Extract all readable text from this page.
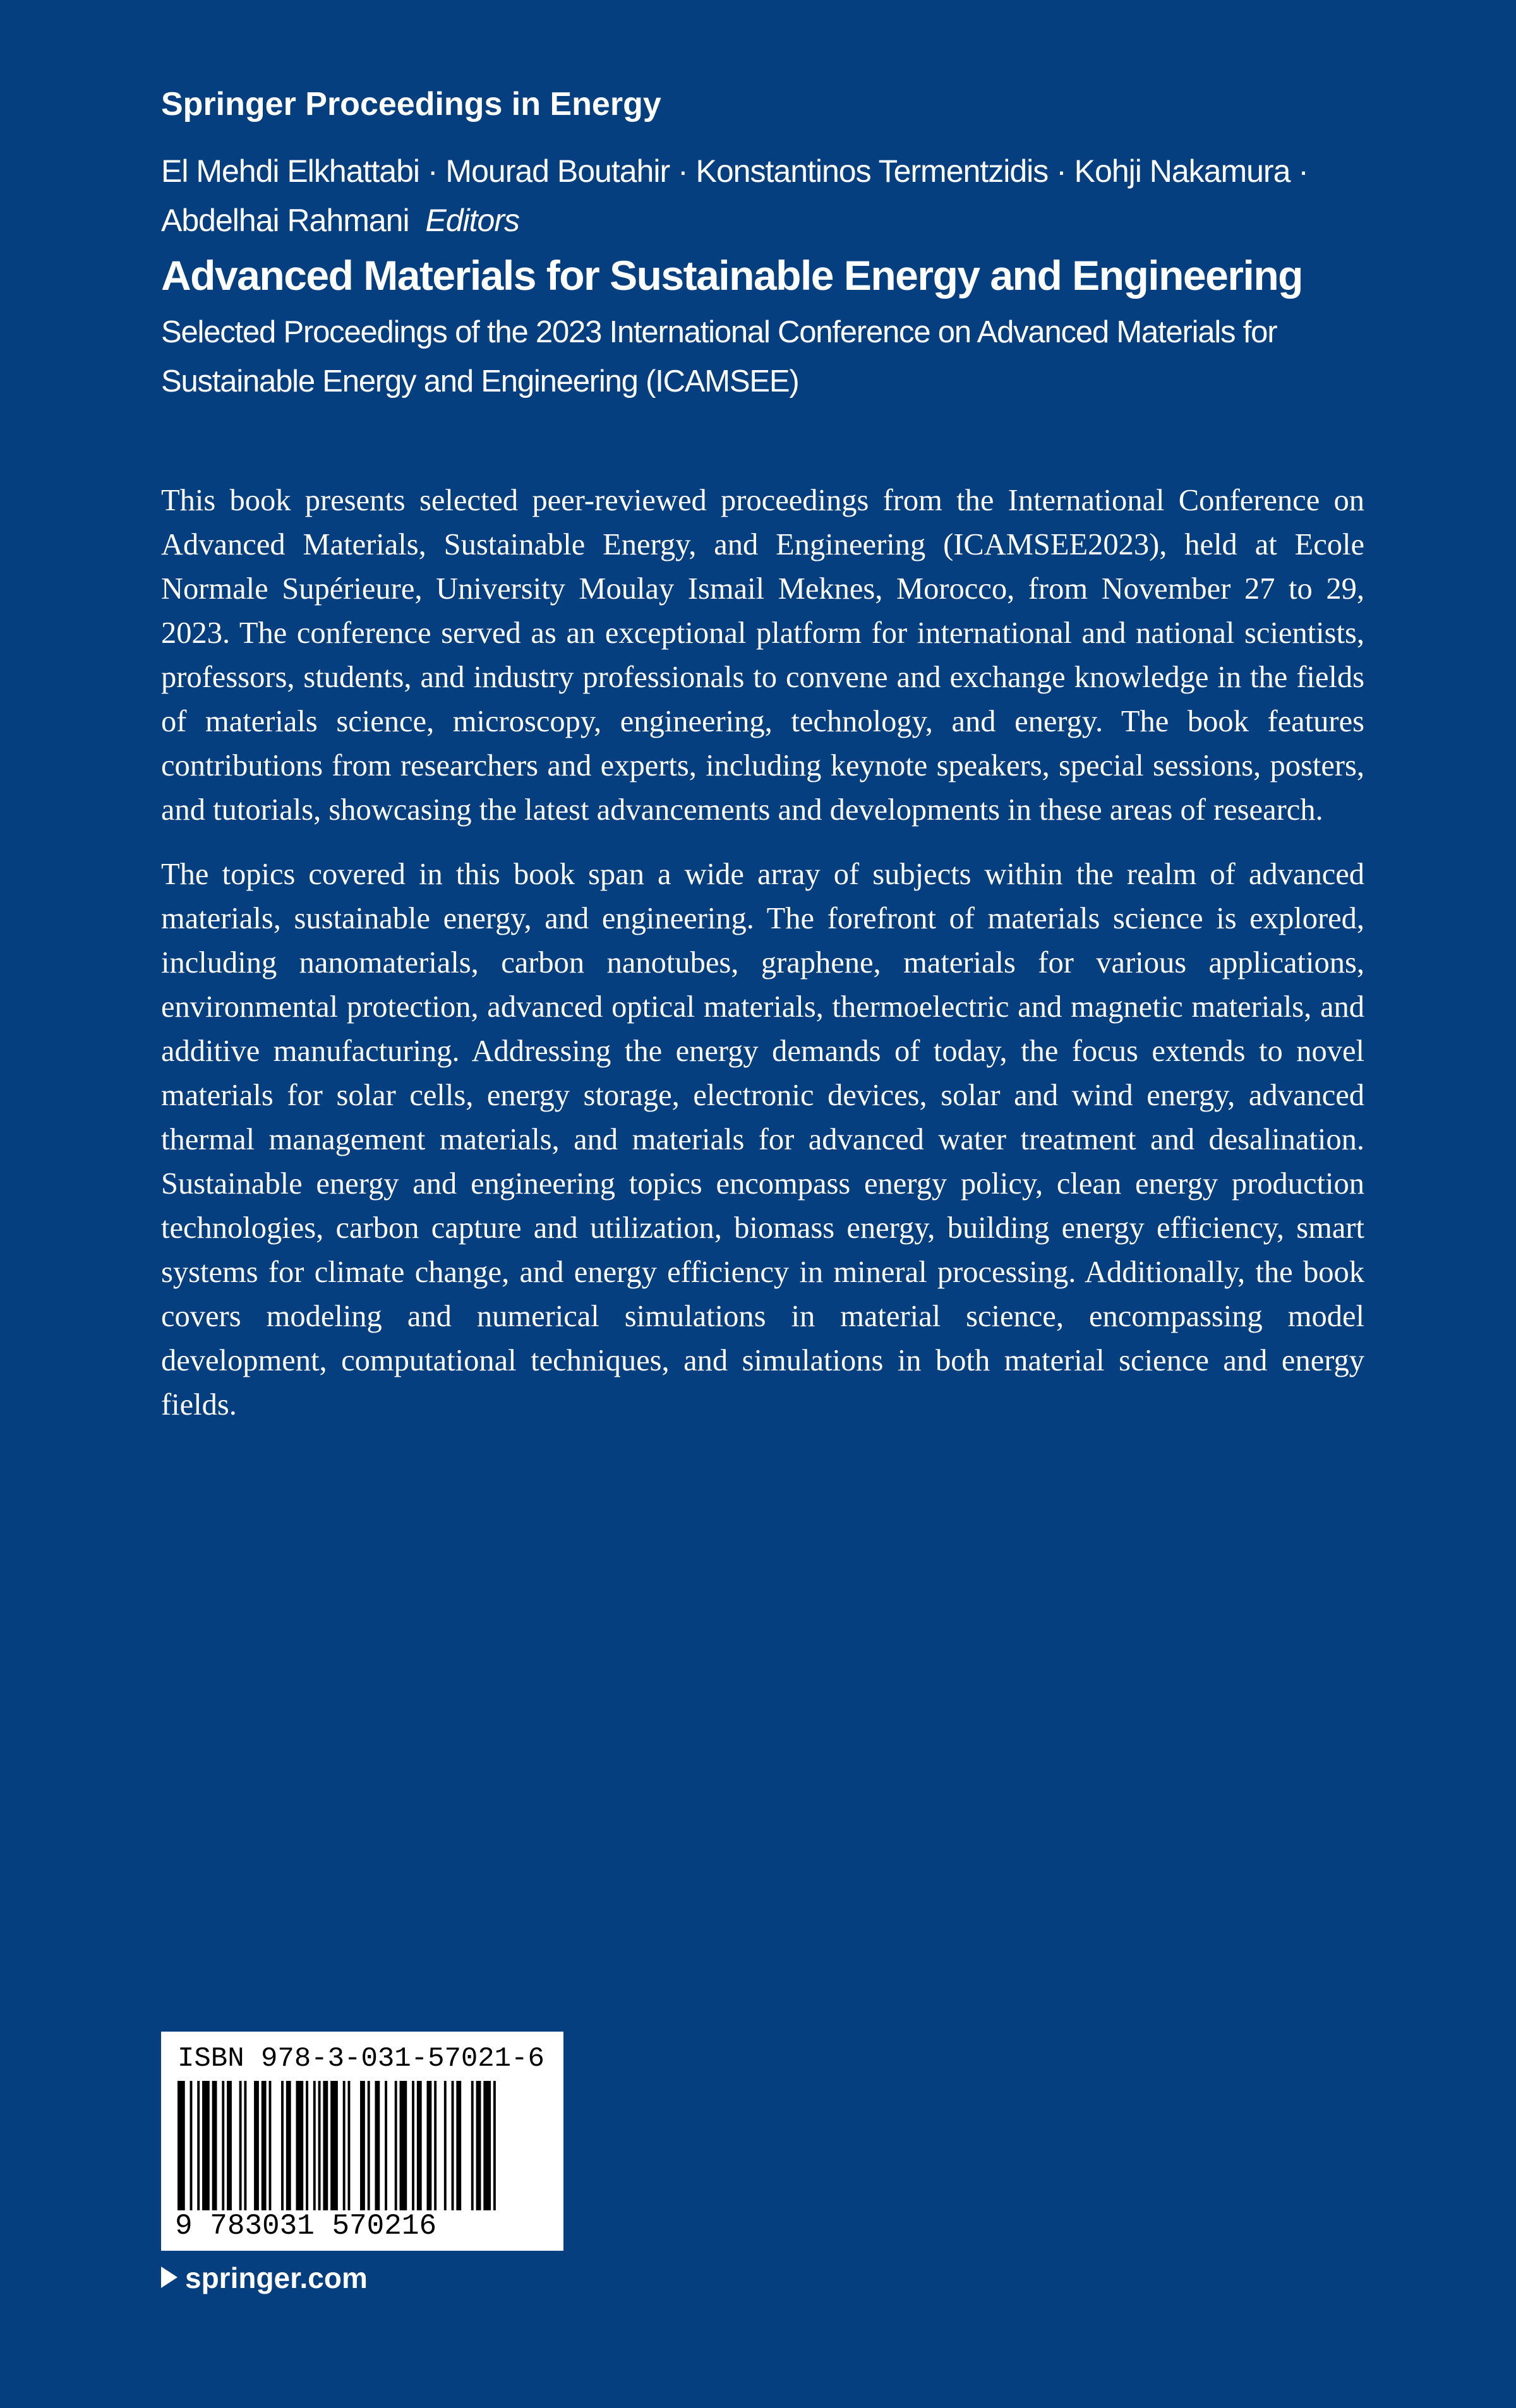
Springer Proceedings in Energy
El Mehdi Elkhattabi · Mourad Boutahir · Konstantinos Termentzidis · Kohji Nakamura ·
Abdelhai Rahmani Editors
Advanced Materials for Sustainable Energy and Engineering
Selected Proceedings of the 2023 International Conference on Advanced Materials for Sustainable Energy and Engineering (ICAMSEE)

This book presents selected peer-reviewed proceedings from the International Conference on Advanced Materials, Sustainable Energy, and Engineering (ICAMSEE2023), held at Ecole Normale Supérieure, University Moulay Ismail Meknes, Morocco, from November 27 to 29, 2023. The conference served as an exceptional platform for international and national scientists, professors, students, and industry professionals to convene and exchange knowledge in the fields of materials science, microscopy, engineering, technology, and energy. The book features contributions from researchers and experts, including keynote speakers, special sessions, posters, and tutorials, showcasing the latest advancements and developments in these areas of research.

The topics covered in this book span a wide array of subjects within the realm of advanced materials, sustainable energy, and engineering. The forefront of materials science is explored, including nanomaterials, carbon nanotubes, graphene, materials for various applications, environmental protection, advanced optical materials, thermoelectric and magnetic materials, and additive manufacturing. Addressing the energy demands of today, the focus extends to novel materials for solar cells, energy storage, electronic devices, solar and wind energy, advanced thermal management materials, and materials for advanced water treatment and desalination. Sustainable energy and engineering topics encompass energy policy, clean energy production technologies, carbon capture and utilization, biomass energy, building energy efficiency, smart systems for climate change, and energy efficiency in mineral processing. Additionally, the book covers modeling and numerical simulations in material science, encompassing model development, computational techniques, and simulations in both material science and energy fields.

ISBN 978-3-031-57021-6
9 783031 570216
springer.com
